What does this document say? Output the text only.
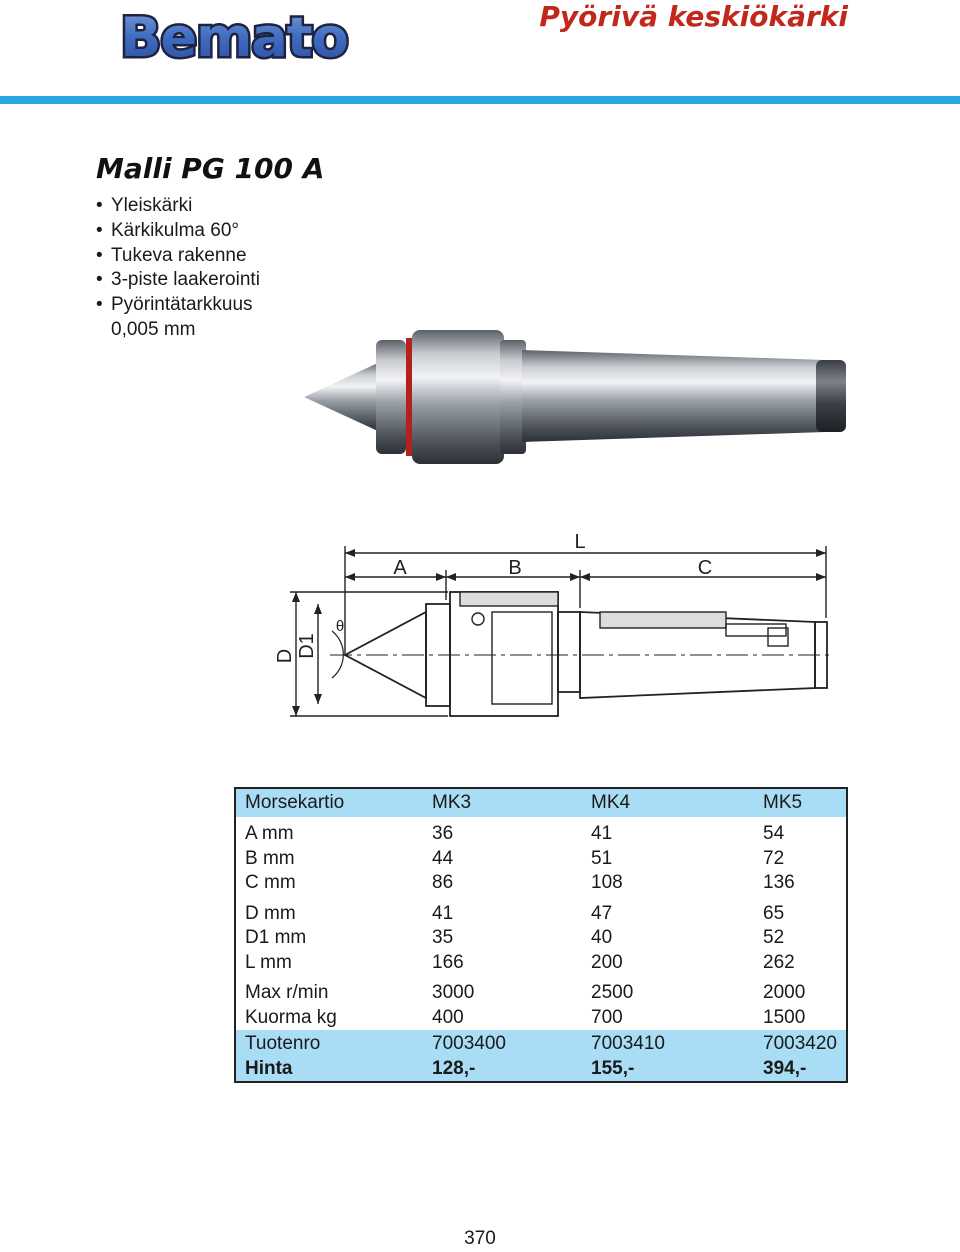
Bemato	Pyörivä keskiökärki
Malli PG 100 A
• Yleiskärki
• Kärkikulma 60°
• Tukeva rakenne
• 3-piste laakerointi
• Pyörintätarkkuus
0,005 mm
L
A	B	C
D D1
θ
Morsekartio	MK3	MK4	MK5
A mm	36	41	54
B mm	44	51	72
C mm	86	108	136
D mm	41	47	65
D1 mm	35	40	52
L mm	166	200	262
Max r/min	3000	2500	2000
Kuorma kg	400	700	1500
Tuotenro	7003400	7003410	7003420
Hinta	128,-	155,-	394,-
370
